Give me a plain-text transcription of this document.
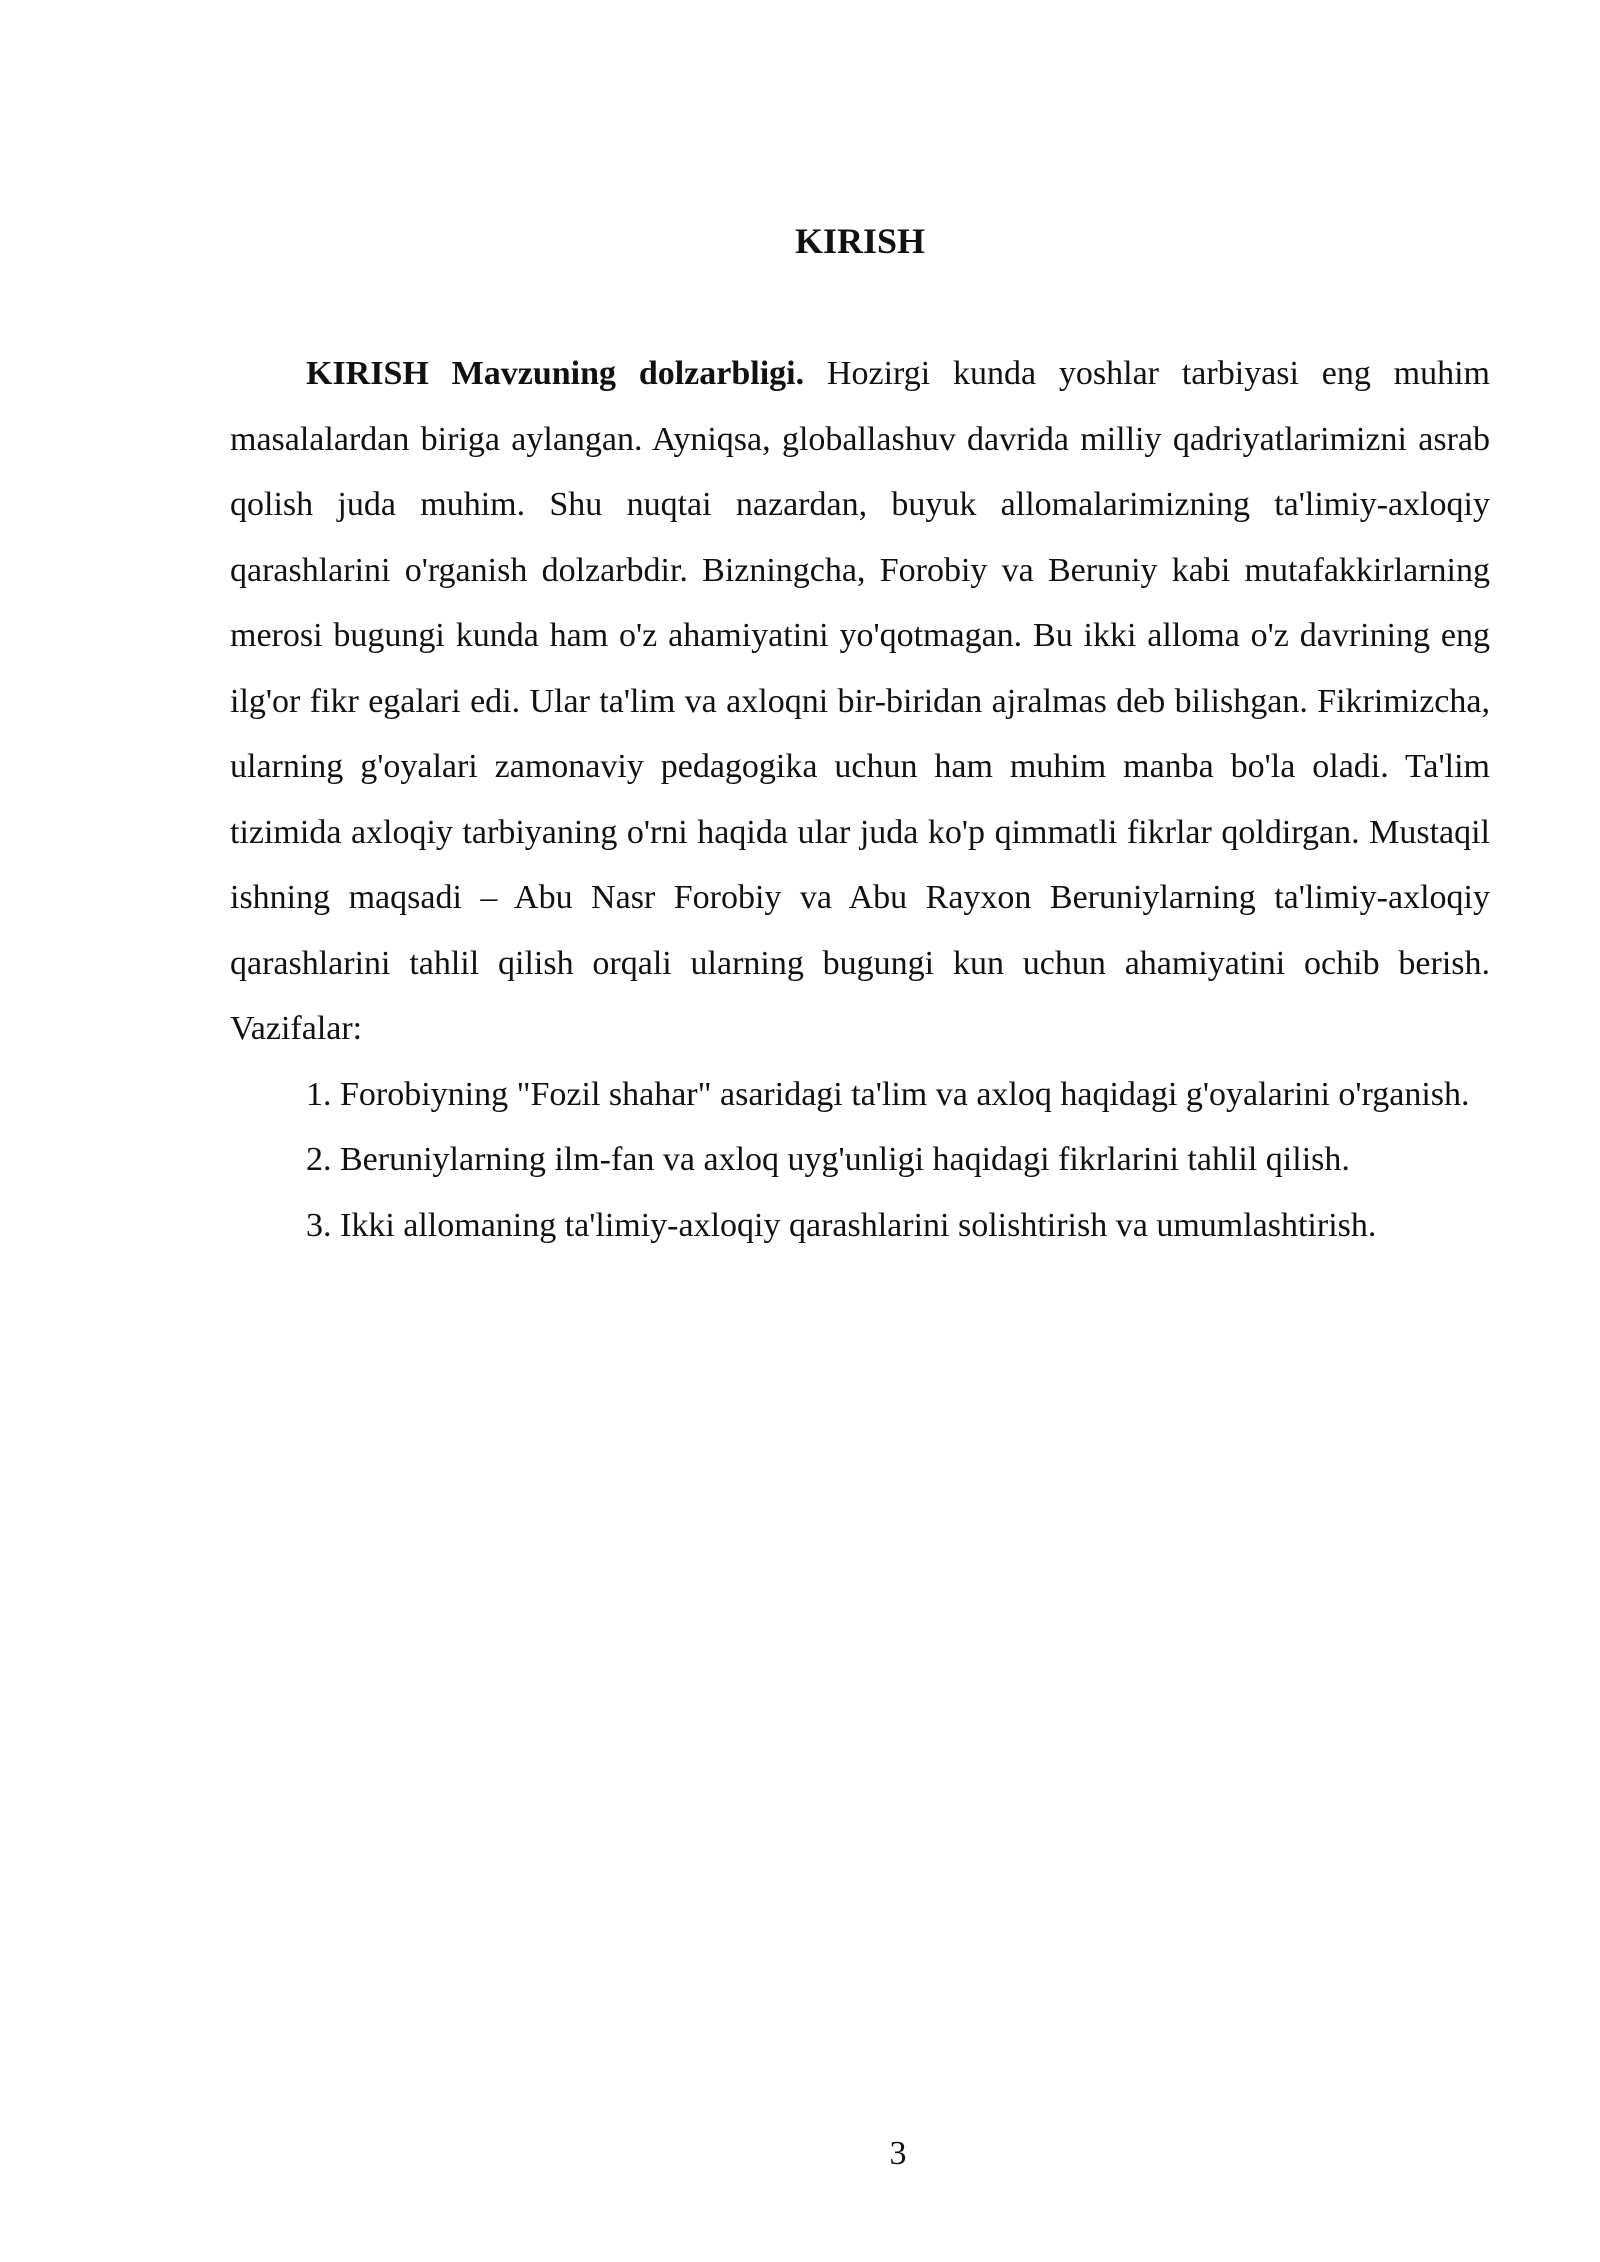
KIRISH

KIRISH Mavzuning dolzarbligi. Hozirgi kunda yoshlar tarbiyasi eng muhim masalalardan biriga aylangan. Ayniqsa, globallashuv davrida milliy qadriyatlarimizni asrab qolish juda muhim. Shu nuqtai nazardan, buyuk allomalarimizning ta'limiy-axloqiy qarashlarini o'rganish dolzarbdir. Bizningcha, Forobiy va Beruniy kabi mutafakkirlarning merosi bugungi kunda ham o'z ahamiyatini yo'qotmagan. Bu ikki alloma o'z davrining eng ilg'or fikr egalari edi. Ular ta'lim va axloqni bir-biridan ajralmas deb bilishgan. Fikrimizcha, ularning g'oyalari zamonaviy pedagogika uchun ham muhim manba bo'la oladi. Ta'lim tizimida axloqiy tarbiyaning o'rni haqida ular juda ko'p qimmatli fikrlar qoldirgan. Mustaqil ishning maqsadi – Abu Nasr Forobiy va Abu Rayxon Beruniylarning ta'limiy-axloqiy qarashlarini tahlil qilish orqali ularning bugungi kun uchun ahamiyatini ochib berish. Vazifalar:

1. Forobiyning "Fozil shahar" asaridagi ta'lim va axloq haqidagi g'oyalarini o'rganish.

2. Beruniylarning ilm-fan va axloq uyg'unligi haqidagi fikrlarini tahlil qilish.

3. Ikki allomaning ta'limiy-axloqiy qarashlarini solishtirish va umumlashtirish.

3
